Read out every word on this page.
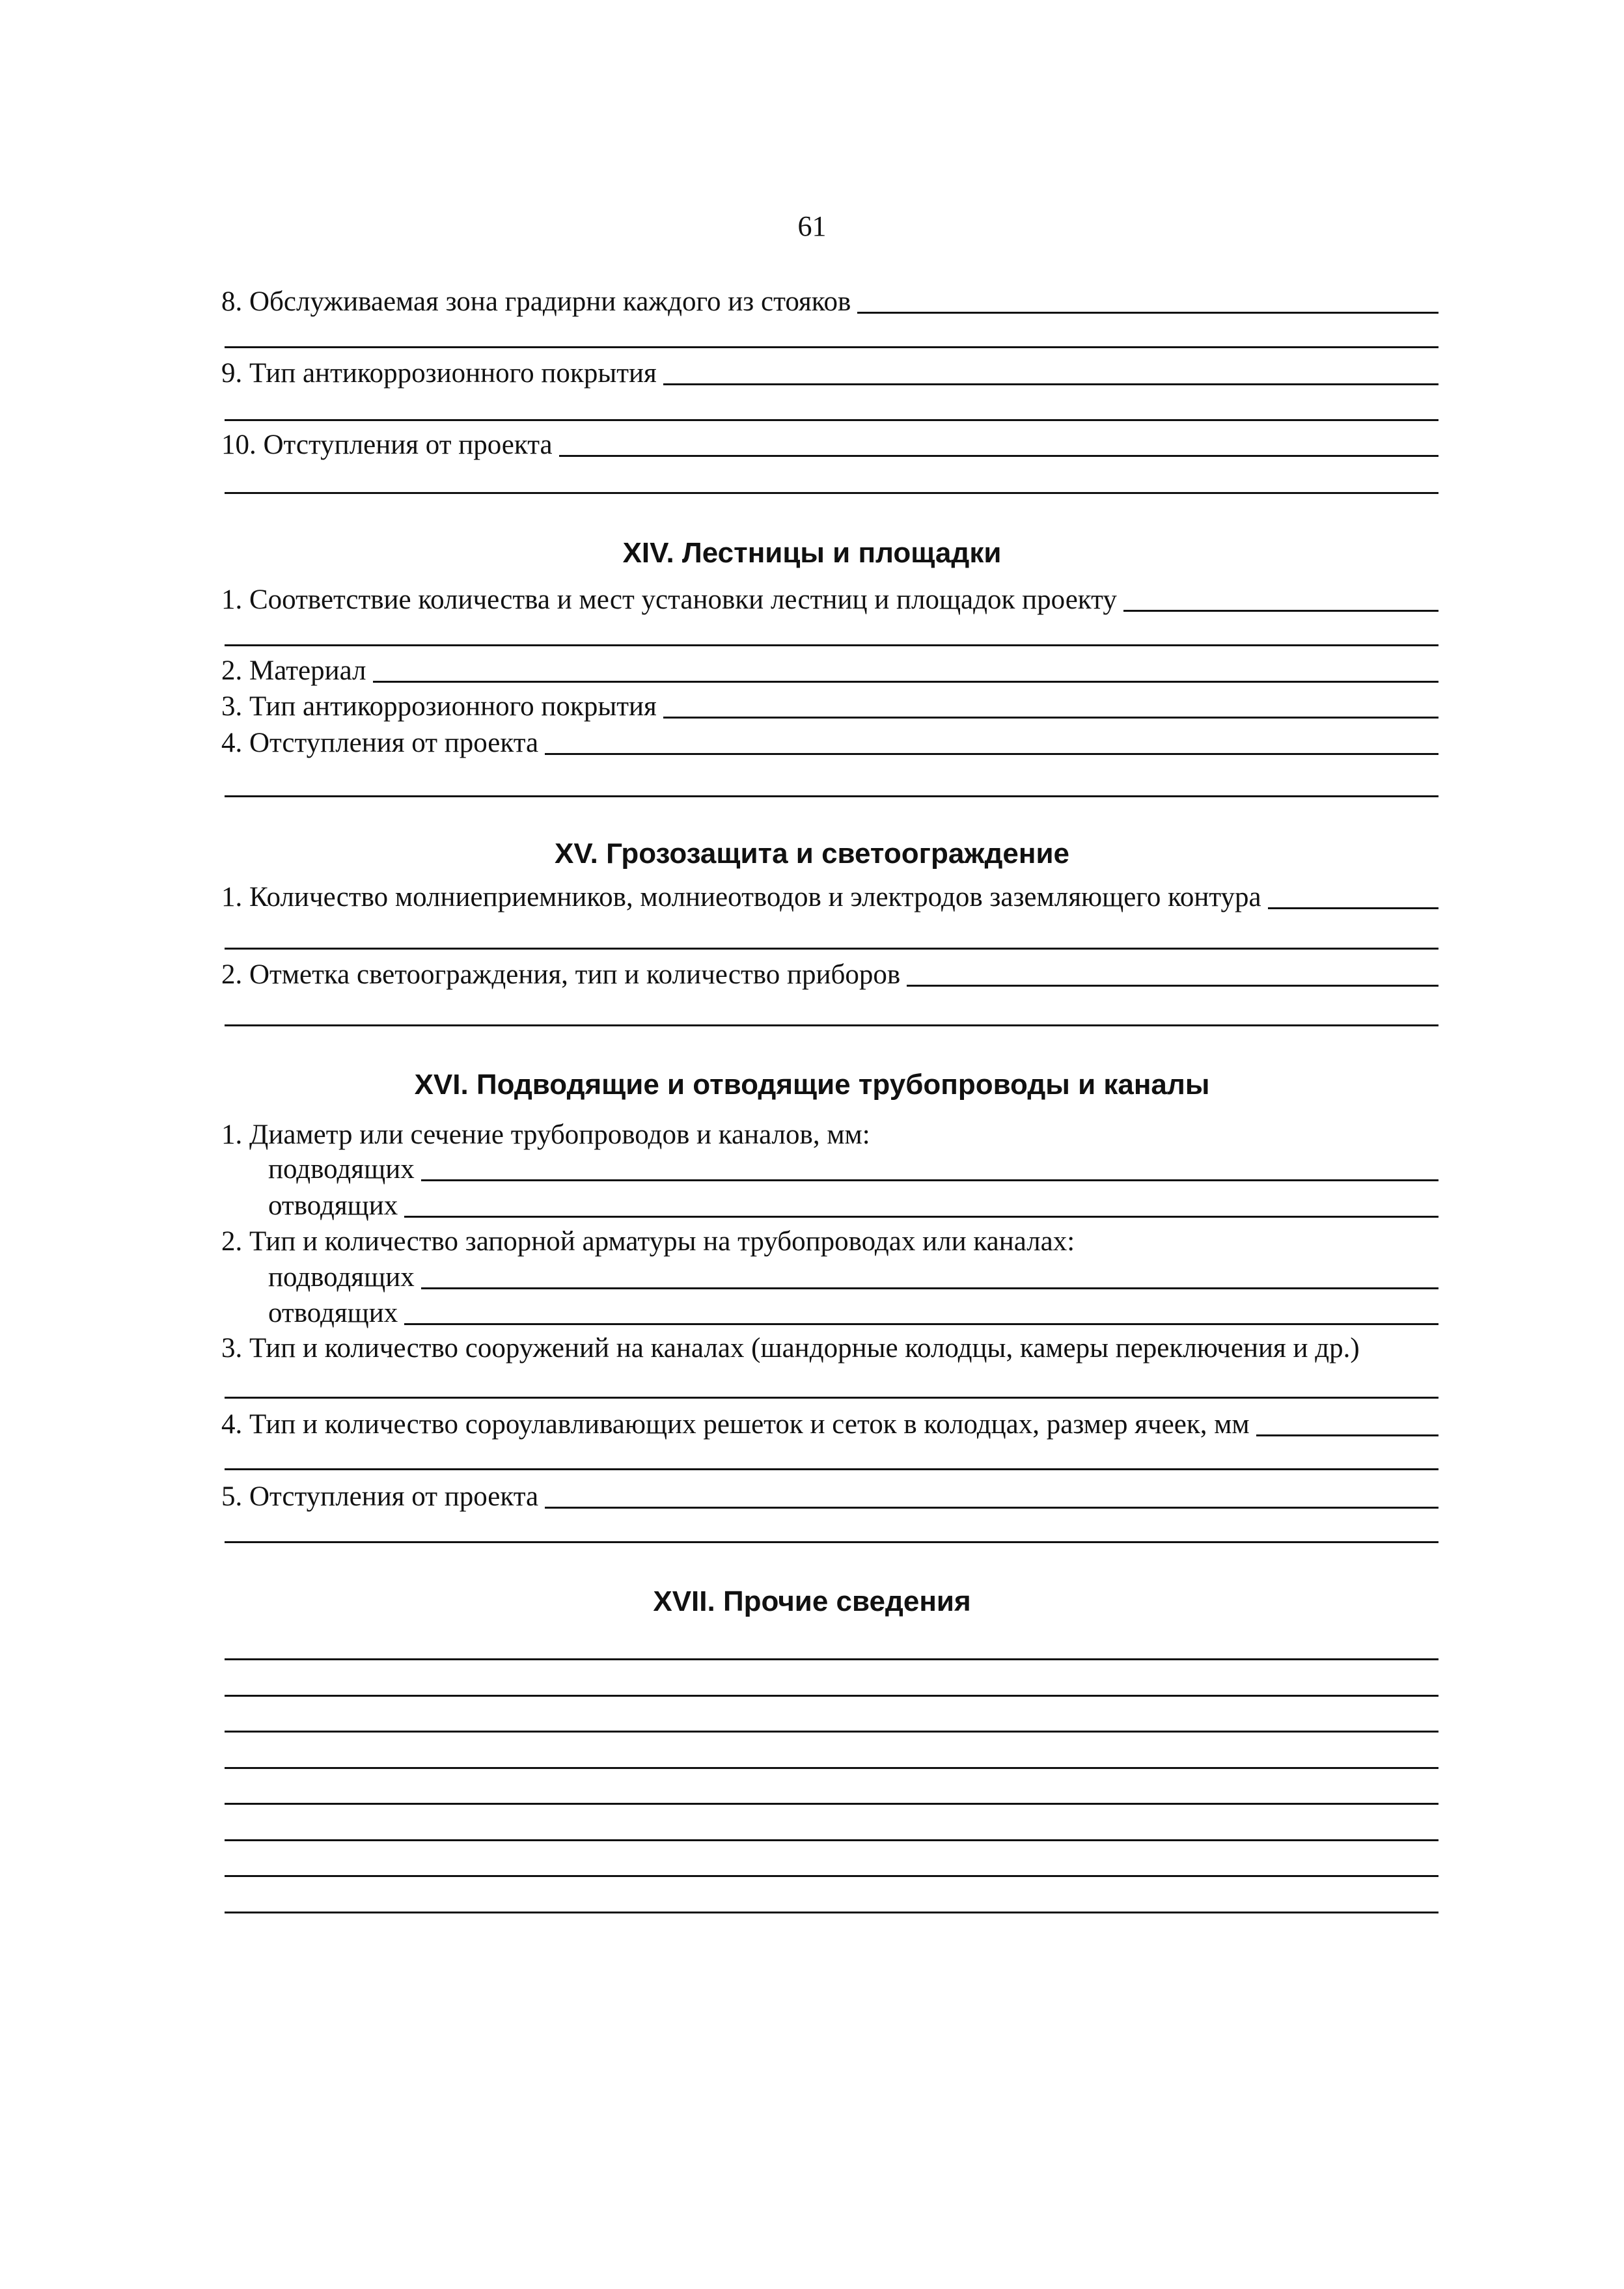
61
8. Обслуживаемая зона градирни каждого из стояков
9. Тип антикоррозионного покрытия
10. Отступления от проекта
XIV. Лестницы и площадки
1. Соответствие количества и мест установки лестниц и площадок проекту
2. Материал
3. Тип антикоррозионного покрытия
4. Отступления от проекта
XV. Грозозащита и светоограждение
1. Количество молниеприемников, молниеотводов и электродов заземляющего контура
2. Отметка светоограждения, тип и количество приборов
XVI. Подводящие и отводящие трубопроводы и каналы
1. Диаметр или сечение трубопроводов и каналов, мм:
подводящих
отводящих
2. Тип и количество запорной арматуры на трубопроводах или каналах:
подводящих
отводящих
3. Тип и количество сооружений на каналах (шандорные колодцы, камеры переключения и др.)
4. Тип и количество сороулавливающих решеток и сеток в колодцах, размер ячеек, мм
5. Отступления от проекта
XVII. Прочие сведения
